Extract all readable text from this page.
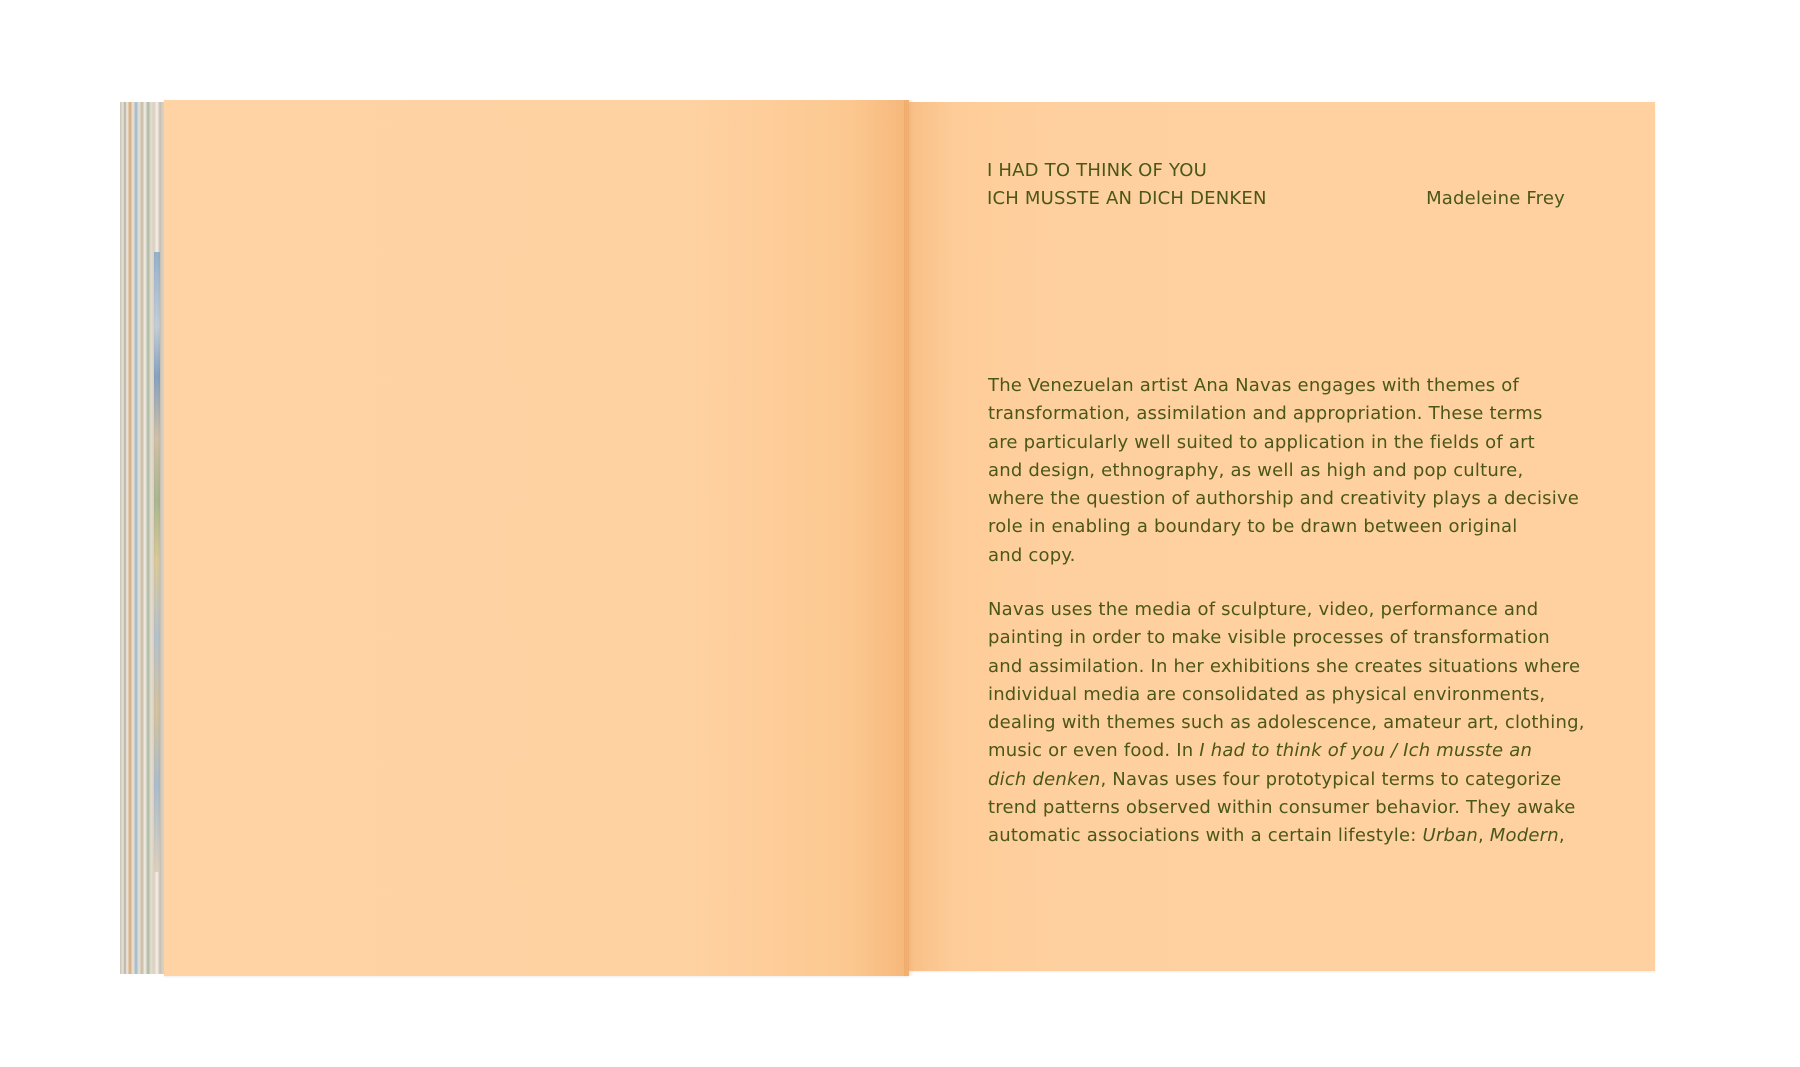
I HAD TO THINK OF YOU
ICH MUSSTE AN DICH DENKEN	Madeleine Frey

The Venezuelan artist Ana Navas engages with themes of
transformation, assimilation and appropriation. These terms
are particularly well suited to application in the fields of art
and design, ethnography, as well as high and pop culture,
where the question of authorship and creativity plays a decisive
role in enabling a boundary to be drawn between original
and copy.

Navas uses the media of sculpture, video, performance and
painting in order to make visible processes of transformation
and assimilation. In her exhibitions she creates situations where
individual media are consolidated as physical environments,
dealing with themes such as adolescence, amateur art, clothing,
music or even food. In I had to think of you / Ich musste an
dich denken, Navas uses four prototypical terms to categorize
trend patterns observed within consumer behavior. They awake
automatic associations with a certain lifestyle: Urban, Modern,
